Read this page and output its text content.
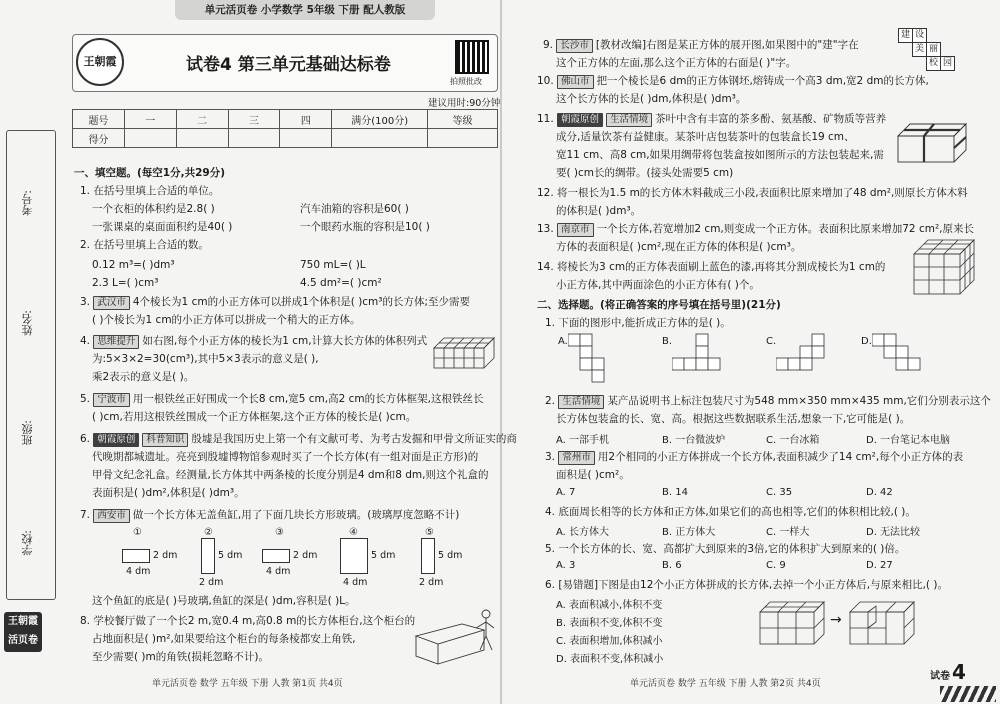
单元活页卷 小学数学 5年级 下册 配人教版
考号:
姓名:
班级:
学校:
王朝霞
活页卷
王朝霞	试卷4 第三单元基础达标卷
拍照批改
建议用时:90分钟
题号	一	二	三	四	满分(100分)	等级
得分						
一、填空题。(每空1分,共29分)
1. 在括号里填上合适的单位。
一个衣柜的体积约是2.8( )	汽车油箱的容积是60( )
一张课桌的桌面面积约是40( )	一个眼药水瓶的容积是10( )
2. 在括号里填上合适的数。
0.12 m³=( )dm³	750 mL=( )L
2.3 L=( )cm³	4.5 dm²=( )cm²
3. 武汉市 4个棱长为1 cm的小正方体可以拼成1个体积是( )cm³的长方体;至少需要
( )个棱长为1 cm的小正方体可以拼成一个稍大的正方体。
4. 思维提升 如右图,每个小正方体的棱长为1 cm,计算大长方体的体积列式
为:5×3×2=30(cm³),其中5×3表示的意义是( ),
乘2表示的意义是( )。
5. 宁波市 用一根铁丝正好围成一个长8 cm,宽5 cm,高2 cm的长方体框架,这根铁丝长
( )cm,若用这根铁丝围成一个正方体框架,这个正方体的棱长是( )cm。
6. 朝霞原创 科普知识 殷墟是我国历史上第一个有文献可考、为考古发掘和甲骨文所证实的商
代晚期都城遗址。亮亮到殷墟博物馆参观时买了一个长方体(有一组对面是正方形)的
甲骨文纪念礼盒。经测量,长方体其中两条棱的长度分别是4 dm和8 dm,则这个礼盒的
表面积是( )dm²,体积是( )dm³。
7. 西安市 做一个长方体无盖鱼缸,用了下面几块长方形玻璃。(玻璃厚度忽略不计)
①	②	③	④	⑤
2 dm
4 dm
5 dm
2 dm
2 dm
4 dm
5 dm
4 dm
5 dm
2 dm
这个鱼缸的底是( )号玻璃,鱼缸的深是( )dm,容积是( )L。
8. 学校餐厅做了一个长2 m,宽0.4 m,高0.8 m的长方体柜台,这个柜台的
占地面积是( )m²,如果要给这个柜台的每条棱都安上角铁,
至少需要( )m的角铁(损耗忽略不计)。
单元活页卷 数学 五年级 下册 人教 第1页 共4页
9. 长沙市 [教材改编]右图是某正方体的展开图,如果图中的"建"字在
这个正方体的左面,那么这个正方体的右面是( )"字。
建 设
美 丽
校 园
10. 佛山市 把一个棱长是6 dm的正方体钢坯,熔铸成一个高3 dm,宽2 dm的长方体,
这个长方体的长是( )dm,体积是( )dm³。
11. 朝霞原创 生活情境 茶叶中含有丰富的茶多酚、氨基酸、矿物质等营养
成分,适量饮茶有益健康。某茶叶店包装茶叶的包装盒长19 cm、
宽11 cm、高8 cm,如果用绸带将包装盒按如图所示的方法包装起来,需
要( )cm长的绸带。(接头处需要5 cm)
12. 将一根长为1.5 m的长方体木料截成三小段,表面积比原来增加了48 dm²,则原长方体木料
的体积是( )dm³。
13. 南京市 一个长方体,若宽增加2 cm,则变成一个正方体。表面积比原来增加72 cm²,原来长
方体的表面积是( )cm²,现在正方体的体积是( )cm³。
14. 将棱长为3 cm的正方体表面刷上蓝色的漆,再将其分割成棱长为1 cm的
小正方体,其中两面涂色的小正方体有( )个。
二、选择题。(将正确答案的序号填在括号里)(21分)
1. 下面的图形中,能折成正方体的是( )。
A.	B.	C.	D.
2. 生活情境 某产品说明书上标注包装尺寸为548 mm×350 mm×435 mm,它们分别表示这个
长方体包装盒的长、宽、高。根据这些数据联系生活,想象一下,它可能是( )。
A. 一部手机	B. 一台微波炉	C. 一台冰箱	D. 一台笔记本电脑
3. 常州市 用2个相同的小正方体拼成一个长方体,表面积减少了14 cm²,每个小正方体的表
面积是( )cm²。
A. 7	B. 14	C. 35	D. 42
4. 底面周长相等的长方体和正方体,如果它们的高也相等,它们的体积相比较,( )。
A. 长方体大	B. 正方体大	C. 一样大	D. 无法比较
5. 一个长方体的长、宽、高都扩大到原来的3倍,它的体积扩大到原来的( )倍。
A. 3	B. 6	C. 9	D. 27
6. [易错题]下图是由12个小正方体拼成的长方体,去掉一个小正方体后,与原来相比,( )。
A. 表面积减小,体积不变
B. 表面积不变,体积不变
C. 表面积增加,体积减小
D. 表面积不变,体积减小
→
单元活页卷 数学 五年级 下册 人教 第2页 共4页
试卷 4
